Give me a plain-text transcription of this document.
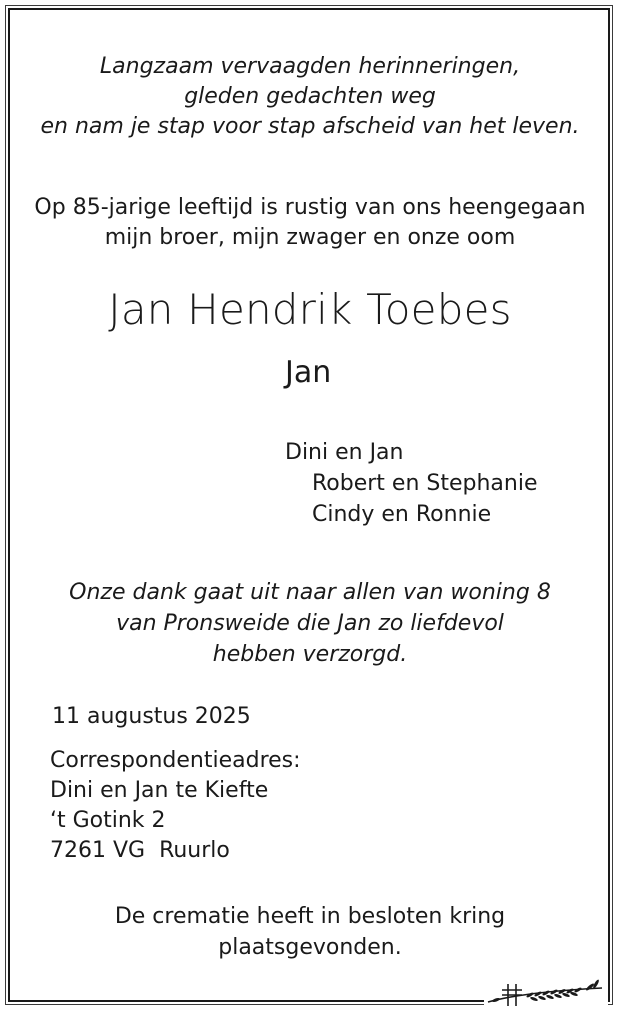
Langzaam vervaagden herinneringen,
gleden gedachten weg
en nam je stap voor stap afscheid van het leven.
Op 85-jarige leeftijd is rustig van ons heengegaan
mijn broer, mijn zwager en onze oom
Jan Hendrik Toebes
Jan
Dini en Jan
Robert en Stephanie
Cindy en Ronnie
Onze dank gaat uit naar allen van woning 8
van Pronsweide die Jan zo liefdevol
hebben verzorgd.
11 augustus 2025
Correspondentieadres:
Dini en Jan te Kiefte
‘t Gotink 2
7261 VG  Ruurlo
De crematie heeft in besloten kring
plaatsgevonden.
